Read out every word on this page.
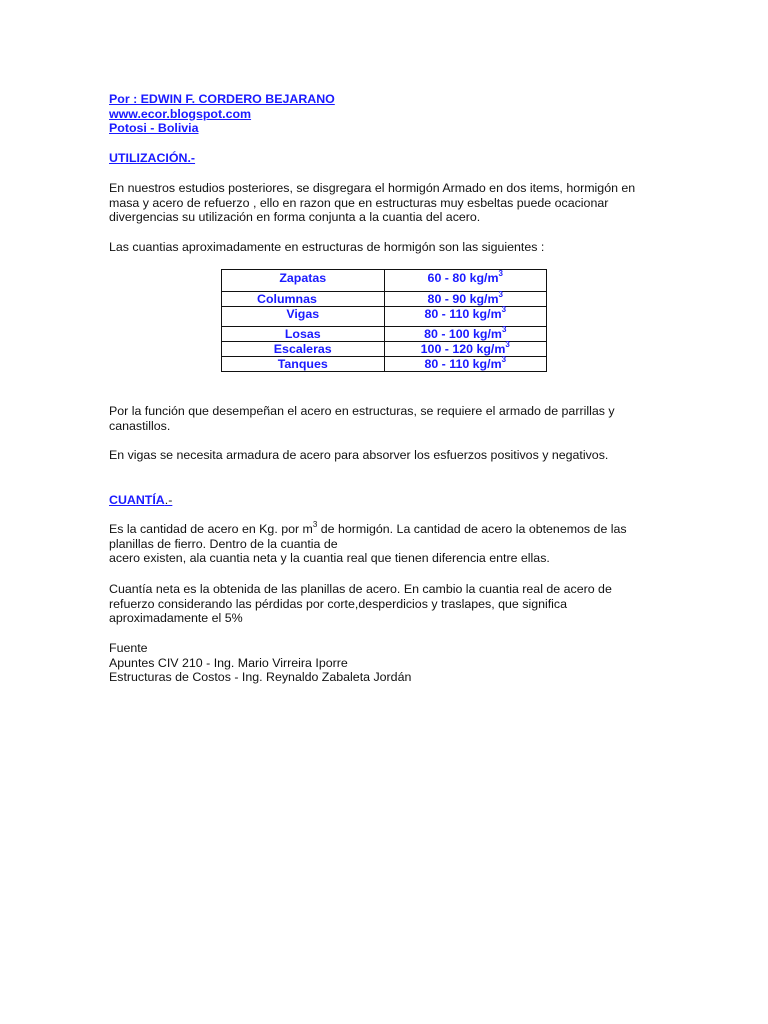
Por : EDWIN F. CORDERO BEJARANO
www.ecor.blogspot.com
Potosi - Bolivia
UTILIZACIÓN.-

En nuestros estudios posteriores, se disgregara el hormigón Armado en dos items, hormigón en masa y acero de refuerzo , ello en razon que en estructuras muy esbeltas puede ocacionar divergencias su utilización en forma conjunta a la cuantia del acero.

Las cuantias aproximadamente en estructuras de hormigón son las siguientes :

Zapatas	60 - 80 $kg/m^3$
Columnas	80 - 90 $kg/m^3$
Vigas	80 - 110 $kg/m^3$
Losas	80 - 100 $kg/m^3$
Escaleras	100 - 120 $kg/m^3$
Tanques	80 - 110 $kg/m^3$

Por la función que desempeñan el acero en estructuras, se requiere el armado de parrillas y canastillos.

En vigas se necesita armadura de acero para absorver los esfuerzos positivos y negativos.

CUANTÍA.-

Es la cantidad de acero en Kg. por $m^3$ de hormigón. La cantidad de acero la obtenemos de las planillas de fierro. Dentro de la cuantia de
acero existen, ala cuantia neta y la cuantia real que tienen diferencia entre ellas.

Cuantía neta es la obtenida de las planillas de acero. En cambio la cuantia real de acero de refuerzo considerando las pérdidas por corte,desperdicios y traslapes, que significa aproximadamente el 5%

Fuente
Apuntes CIV 210 - Ing. Mario Virreira Iporre
Estructuras de Costos - Ing. Reynaldo Zabaleta Jordán
